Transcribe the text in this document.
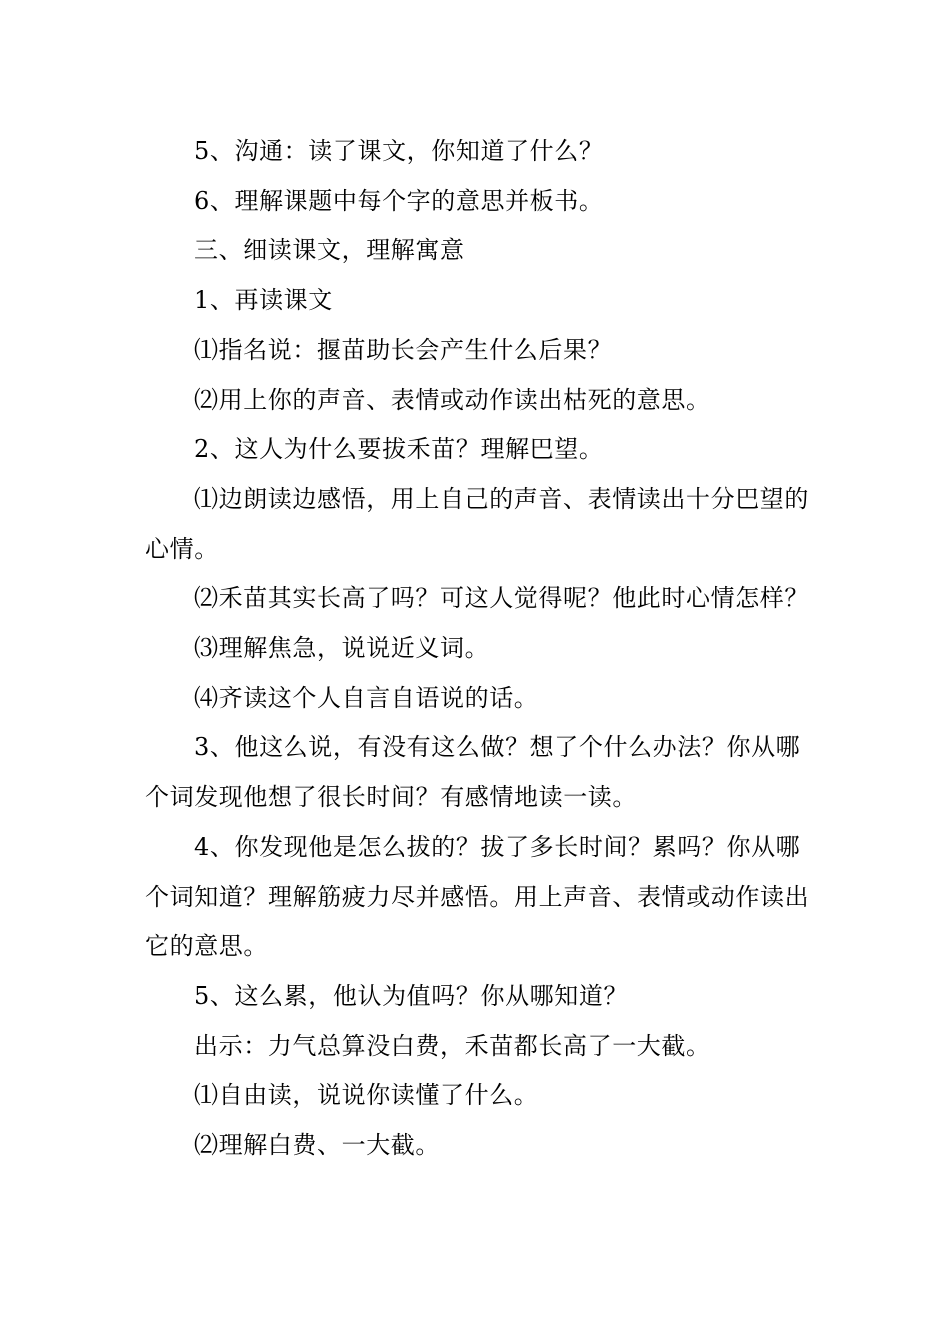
5、沟通：读了课文，你知道了什么？

6、理解课题中每个字的意思并板书。

三、细读课文，理解寓意

1、再读课文

⑴指名说：揠苗助长会产生什么后果？

⑵用上你的声音、表情或动作读出枯死的意思。

2、这人为什么要拔禾苗？理解巴望。

⑴边朗读边感悟，用上自己的声音、表情读出十分巴望的心情。

⑵禾苗其实长高了吗？可这人觉得呢？他此时心情怎样？

⑶理解焦急，说说近义词。

⑷齐读这个人自言自语说的话。

3、他这么说，有没有这么做？想了个什么办法？你从哪个词发现他想了很长时间？有感情地读一读。

4、你发现他是怎么拔的？拔了多长时间？累吗？你从哪个词知道？理解筋疲力尽并感悟。用上声音、表情或动作读出它的意思。

5、这么累，他认为值吗？你从哪知道？

出示：力气总算没白费，禾苗都长高了一大截。

⑴自由读，说说你读懂了什么。

⑵理解白费、一大截。
